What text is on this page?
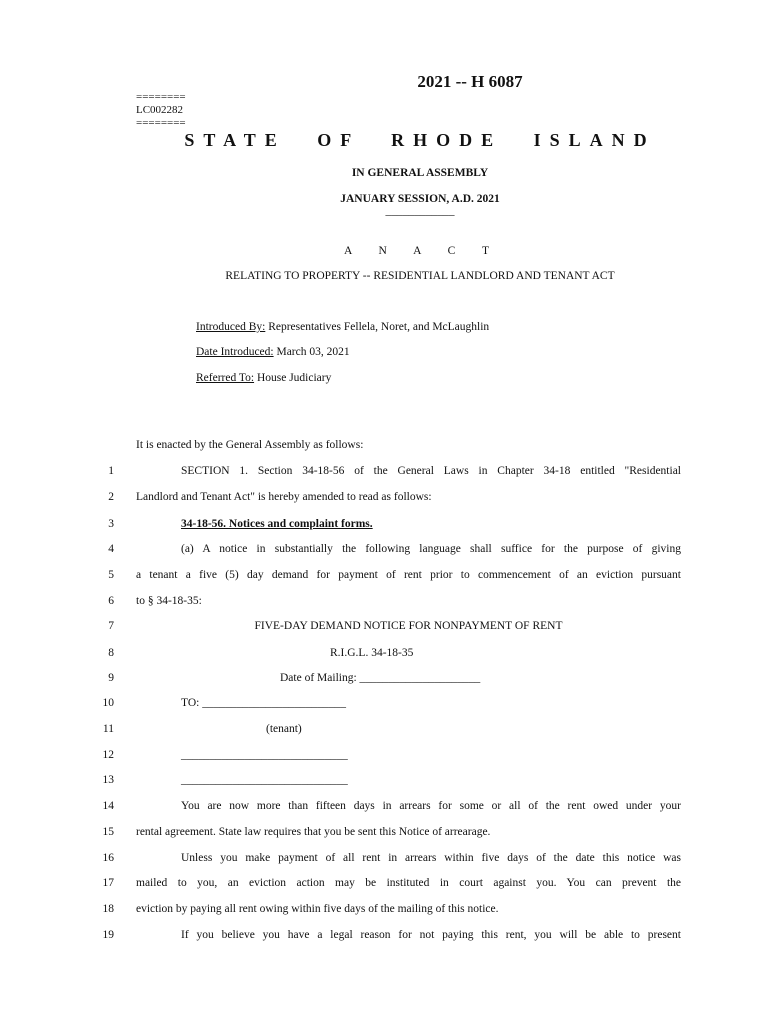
2021 -- H 6087
========
LC002282
========
STATE OF RHODE ISLAND
IN GENERAL ASSEMBLY
JANUARY SESSION, A.D. 2021
____________
A N A C T
RELATING TO PROPERTY -- RESIDENTIAL LANDLORD AND TENANT ACT
Introduced By: Representatives Fellela, Noret, and McLaughlin
Date Introduced: March 03, 2021
Referred To: House Judiciary
It is enacted by the General Assembly as follows:
1	SECTION 1. Section 34-18-56 of the General Laws in Chapter 34-18 entitled "Residential
2 Landlord and Tenant Act" is hereby amended to read as follows:
3	34-18-56. Notices and complaint forms.
4	(a) A notice in substantially the following language shall suffice for the purpose of giving
5 a tenant a five (5) day demand for payment of rent prior to commencement of an eviction pursuant
6 to § 34-18-35:
7	FIVE-DAY DEMAND NOTICE FOR NONPAYMENT OF RENT
8	R.I.G.L. 34-18-35
9	Date of Mailing: _____________________
10	TO: _________________________
11	(tenant)
12	_____________________________
13	_____________________________
14	You are now more than fifteen days in arrears for some or all of the rent owed under your
15 rental agreement. State law requires that you be sent this Notice of arrearage.
16	Unless you make payment of all rent in arrears within five days of the date this notice was
17 mailed to you, an eviction action may be instituted in court against you. You can prevent the
18 eviction by paying all rent owing within five days of the mailing of this notice.
19	If you believe you have a legal reason for not paying this rent, you will be able to present
